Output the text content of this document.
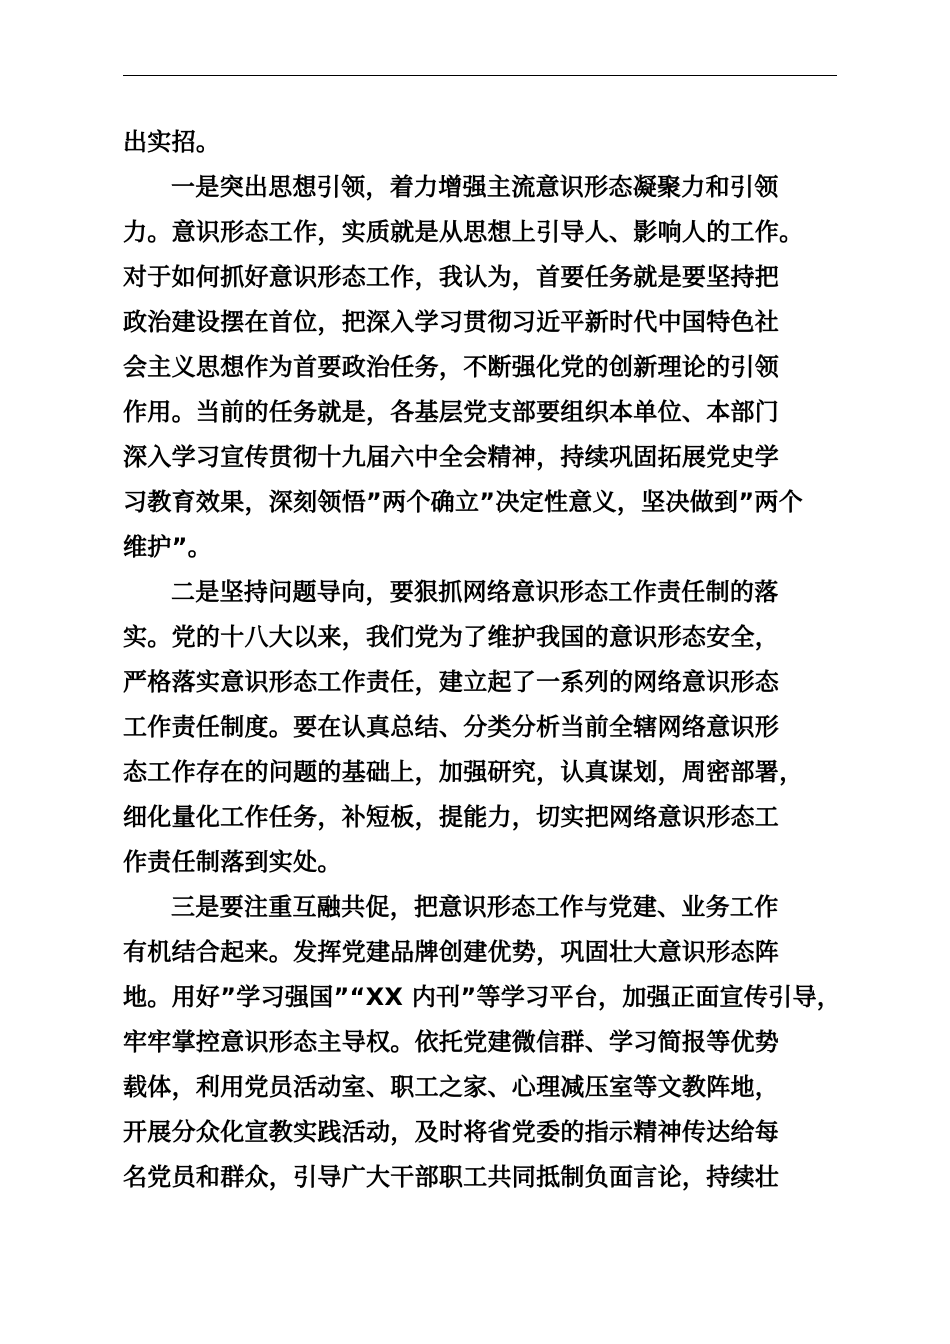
出实招。
一是突出思想引领，着力增强主流意识形态凝聚力和引领
力。意识形态工作，实质就是从思想上引导人、影响人的工作。
对于如何抓好意识形态工作，我认为，首要任务就是要坚持把
政治建设摆在首位，把深入学习贯彻习近平新时代中国特色社
会主义思想作为首要政治任务，不断强化党的创新理论的引领
作用。当前的任务就是，各基层党支部要组织本单位、本部门
深入学习宣传贯彻十九届六中全会精神，持续巩固拓展党史学
习教育效果，深刻领悟”两个确立”决定性意义，坚决做到”两个
维护”。
二是坚持问题导向，要狠抓网络意识形态工作责任制的落
实。党的十八大以来，我们党为了维护我国的意识形态安全，
严格落实意识形态工作责任，建立起了一系列的网络意识形态
工作责任制度。要在认真总结、分类分析当前全辖网络意识形
态工作存在的问题的基础上，加强研究，认真谋划，周密部署，
细化量化工作任务，补短板，提能力，切实把网络意识形态工
作责任制落到实处。
三是要注重互融共促，把意识形态工作与党建、业务工作
有机结合起来。发挥党建品牌创建优势，巩固壮大意识形态阵
地。用好”学习强国”“XX 内刊”等学习平台，加强正面宣传引导，
牢牢掌控意识形态主导权。依托党建微信群、学习简报等优势
载体，利用党员活动室、职工之家、心理减压室等文教阵地，
开展分众化宣教实践活动，及时将省党委的指示精神传达给每
名党员和群众，引导广大干部职工共同抵制负面言论，持续壮
